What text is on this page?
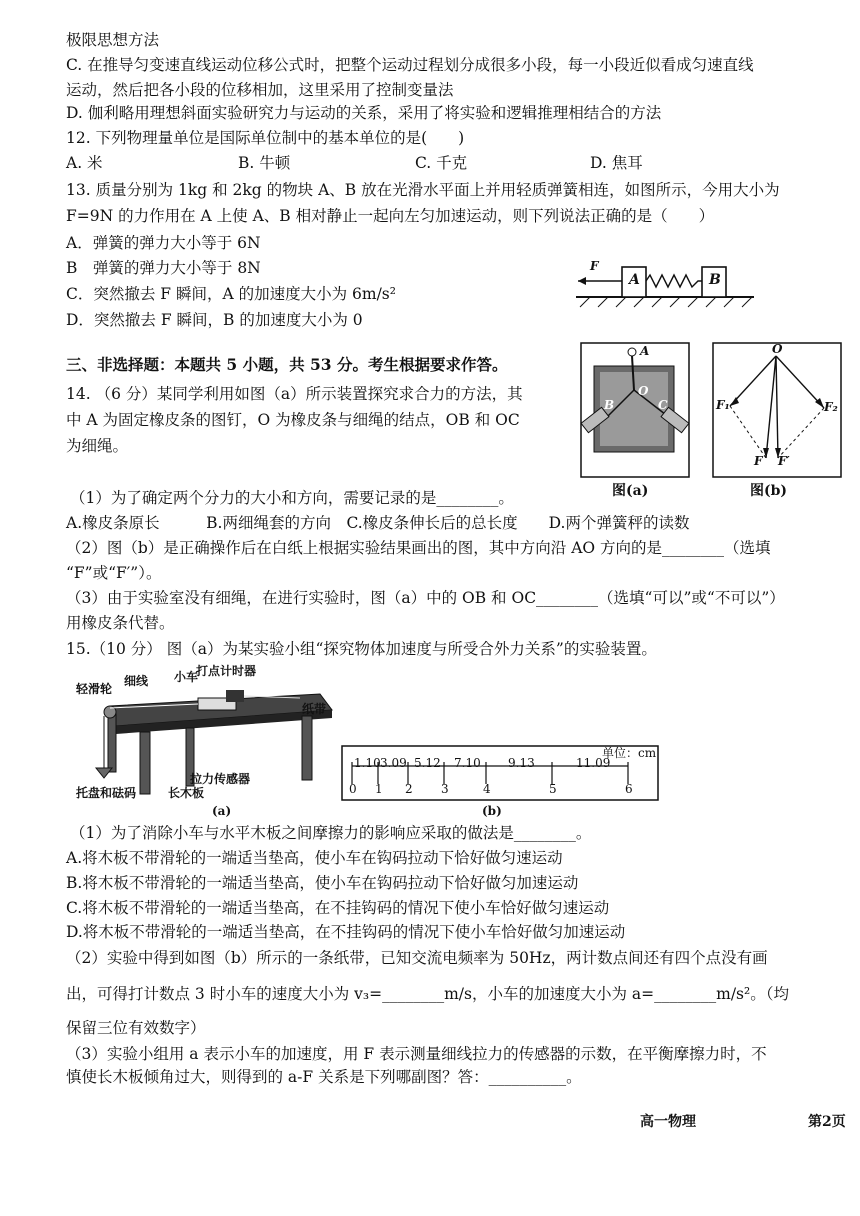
极限思想方法
C. 在推导匀变速直线运动位移公式时，把整个运动过程划分成很多小段，每一小段近似看成匀速直线
运动，然后把各小段的位移相加，这里采用了控制变量法
D. 伽利略用理想斜面实验研究力与运动的关系，采用了将实验和逻辑推理相结合的方法
12. 下列物理量单位是国际单位制中的基本单位的是(　　)
A. 米	B. 牛顿	C. 千克	D. 焦耳
13. 质量分别为 1kg 和 2kg 的物块 A、B 放在光滑水平面上并用轻质弹簧相连，如图所示，今用大小为
F=9N 的力作用在 A 上使 A、B 相对静止一起向左匀加速运动，则下列说法正确的是（　　）
A．弹簧的弹力大小等于 6N
B　弹簧的弹力大小等于 8N
C．突然撤去 F 瞬间，A 的加速度大小为 6m/s²
D．突然撤去 F 瞬间，B 的加速度大小为 0
F
A	B
三、非选择题：本题共 5 小题，共 53 分。考生根据要求作答。
14. （6 分）某同学利用如图（a）所示装置探究求合力的方法，其
中 A 为固定橡皮条的图钉，O 为橡皮条与细绳的结点，OB 和 OC
为细绳。
A
O
B	C
图(a)
O
F₁	F₂
F F′
图(b)
（1）为了确定两个分力的大小和方向，需要记录的是________。
A.橡皮条原长　　　B.两细绳套的方向　C.橡皮条伸长后的总长度　　D.两个弹簧秤的读数
（2）图（b）是正确操作后在白纸上根据实验结果画出的图，其中方向沿 AO 方向的是________（选填
“F”或“F′”）。
（3）由于实验室没有细绳，在进行实验时，图（a）中的 OB 和 OC________（选填“可以”或“不可以”）
用橡皮条代替。
15.（10 分） 图（a）为某实验小组“探究物体加速度与所受合外力关系”的实验装置。
轻滑轮
细线 小车
打点计时器
纸带
拉力传感器
长木板
托盘和砝码
(a)
单位：cm
1.10 3.09 5.12 7.10 9.13	11.09
0 1 2 3	4	5	6
(b)
（1）为了消除小车与水平木板之间摩擦力的影响应采取的做法是________。
A.将木板不带滑轮的一端适当垫高，使小车在钩码拉动下恰好做匀速运动
B.将木板不带滑轮的一端适当垫高，使小车在钩码拉动下恰好做匀加速运动
C.将木板不带滑轮的一端适当垫高，在不挂钩码的情况下使小车恰好做匀速运动
D.将木板不带滑轮的一端适当垫高，在不挂钩码的情况下使小车恰好做匀加速运动
（2）实验中得到如图（b）所示的一条纸带，已知交流电频率为 50Hz，两计数点间还有四个点没有画
出，可得打计数点 3 时小车的速度大小为 v₃=________m/s，小车的加速度大小为 a=________m/s²。（均
保留三位有效数字）
（3）实验小组用 a 表示小车的加速度，用 F 表示测量细线拉力的传感器的示数，在平衡摩擦力时，不
慎使长木板倾角过大，则得到的 a-F 关系是下列哪副图？答：__________。
高一物理	第2页
